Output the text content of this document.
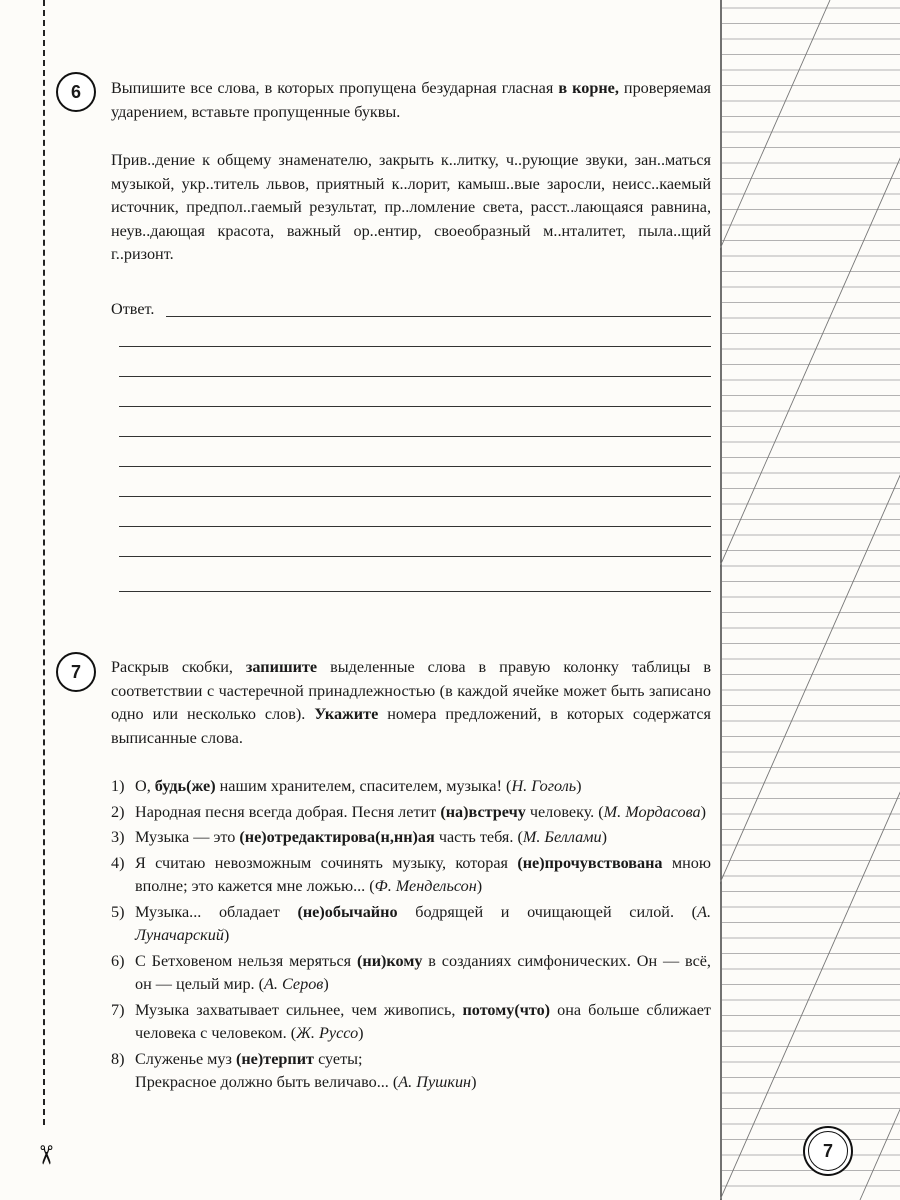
✂
6	Выпишите все слова, в которых пропущена безударная гласная в корне, проверяемая ударением, вставьте пропущенные буквы.
Прив..дение к общему знаменателю, закрыть к..литку, ч..рующие звуки, зан..маться музыкой, укр..титель львов, приятный к..лорит, камыш..вые заросли, неисс..каемый источник, предпол..гаемый результат, пр..ломление света, расст..лающаяся равнина, неув..дающая красота, важный ор..ентир, своеобразный м..нталитет, пыла..щий г..ризонт.
Ответ.
7	Раскрыв скобки, запишите выделенные слова в правую колонку таблицы в соответствии с частеречной принадлежностью (в каждой ячейке может быть записано одно или несколько слов). Укажите номера предложений, в которых содержатся выписанные слова.
1) О, будь(же) нашим хранителем, спасителем, музыка! (Н. Гоголь)
2) Народная песня всегда добрая. Песня летит (на)встречу человеку. (М. Мордасова)
3) Музыка — это (не)отредактирова(н,нн)ая часть тебя. (М. Беллами)
4) Я считаю невозможным сочинять музыку, которая (не)прочувствована мною вполне; это кажется мне ложью... (Ф. Мендельсон)
5) Музыка... обладает (не)обычайно бодрящей и очищающей силой. (А. Луначарский)
6) С Бетховеном нельзя меряться (ни)кому в созданиях симфонических. Он — всё, он — целый мир. (А. Серов)
7) Музыка захватывает сильнее, чем живопись, потому(что) она больше сближает человека с человеком. (Ж. Руссо)
8) Служенье муз (не)терпит суеты;
Прекрасное должно быть величаво... (А. Пушкин)
7
